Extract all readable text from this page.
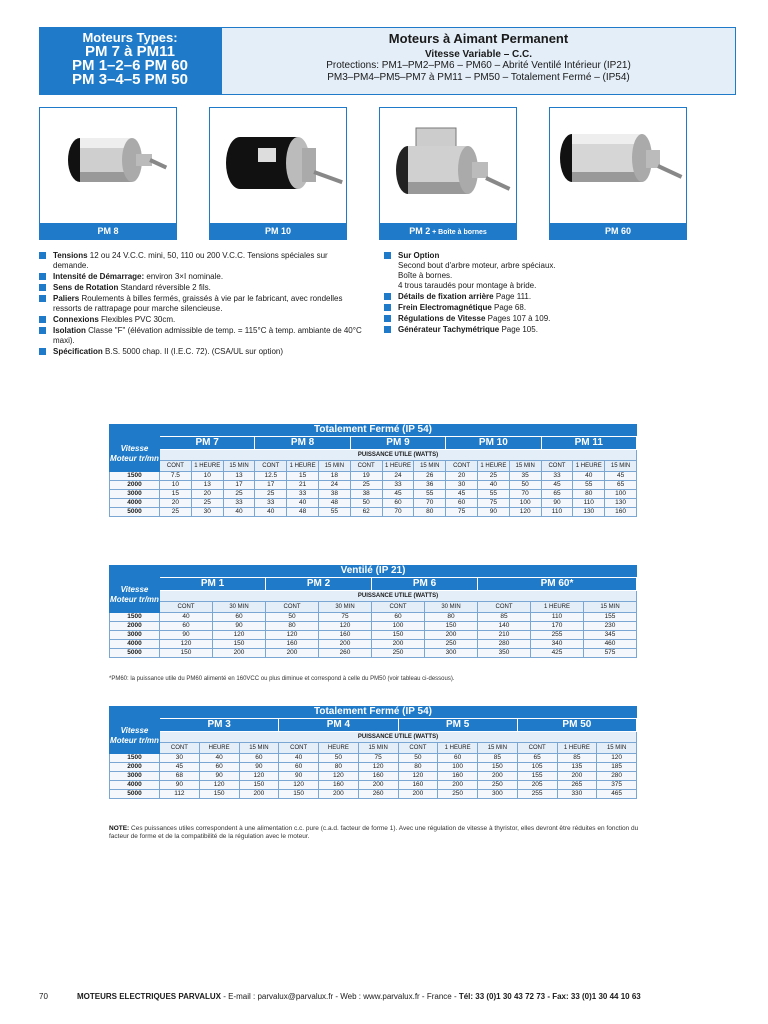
Moteurs Types:
PM 7 à PM11
PM 1–2–6 PM 60
PM 3–4–5 PM 50
Moteurs à Aimant Permanent
Vitesse Variable – C.C.
Protections: PM1–PM2–PM6 – PM60 – Abrité Ventilé Intérieur (IP21)
PM3–PM4–PM5–PM7 à PM11 – PM50 – Totalement Fermé – (IP54)
PM 8	PM 10	PM 2 + Boîte à bornes	PM 60
Tensions 12 ou 24 V.C.C. mini, 50, 110 ou 200 V.C.C. Tensions spéciales sur demande.
Intensité de Démarrage: environ 3×I nominale.
Sens de Rotation Standard réversible 2 fils.
Paliers Roulements à billes fermés, graissés à vie par le fabricant, avec rondelles ressorts de rattrapage pour marche silencieuse.
Connexions Flexibles PVC 30cm.
Isolation Classe "F" (élévation admissible de temp. = 115°C à temp. ambiante de 40°C maxi).
Spécification B.S. 5000 chap. II (I.E.C. 72). (CSA/UL sur option)
Sur Option
Second bout d'arbre moteur, arbre spéciaux.
Boîte à bornes.
4 trous taraudés pour montage à bride.
Détails de fixation arrière Page 111.
Frein Electromagnétique Page 68.
Régulations de Vitesse Pages 107 à 109.
Générateur Tachymétrique Page 105.
Totalement Fermé (IP 54)
Vitesse Moteur tr/mn	PM 7			PM 8			PM 9			PM 10			PM 11		
	PUISSANCE UTILE (WATTS)														
	CONT	1 HEURE	15 MIN	CONT	1 HEURE	15 MIN	CONT	1 HEURE	15 MIN	CONT	1 HEURE	15 MIN	CONT	1 HEURE	15 MIN
1500	7.5	10	13	12.5	15	18	19	24	26	20	25	35	33	40	45
2000	10	13	17	17	21	24	25	33	36	30	40	50	45	55	65
3000	15	20	25	25	33	38	38	45	55	45	55	70	65	80	100
4000	20	25	33	33	40	48	50	60	70	60	75	100	90	110	130
5000	25	30	40	40	48	55	62	70	80	75	90	120	110	130	160
Ventilé (IP 21)
Vitesse Moteur tr/mn	PM 1		PM 2		PM 6		PM 60*		
	PUISSANCE UTILE (WATTS)								
	CONT	30 MIN	CONT	30 MIN	CONT	30 MIN	CONT	1 HEURE	15 MIN
1500	40	60	50	75	60	80	85	110	155
2000	60	90	80	120	100	150	140	170	230
3000	90	120	120	160	150	200	210	255	345
4000	120	150	160	200	200	250	280	340	460
5000	150	200	200	260	250	300	350	425	575
*PM60: la puissance utile du PM60 alimenté en 160VCC ou plus diminue et correspond à celle du PM50 (voir tableau ci-dessous).
Totalement Fermé (IP 54)
Vitesse Moteur tr/mn	PM 3			PM 4			PM 5			PM 50		
	PUISSANCE UTILE (WATTS)											
	CONT	HEURE	15 MIN	CONT	HEURE	15 MIN	CONT	1 HEURE	15 MIN	CONT	1 HEURE	15 MIN
1500	30	40	60	40	50	75	50	60	85	65	85	120
2000	45	60	90	60	80	120	80	100	150	105	135	185
3000	68	90	120	90	120	160	120	160	200	155	200	280
4000	90	120	150	120	160	200	160	200	250	205	265	375
5000	112	150	200	150	200	260	200	250	300	255	330	465
NOTE: Ces puissances utiles correspondent à une alimentation c.c. pure (c.a.d. facteur de forme 1). Avec une régulation de vitesse à thyristor, elles devront être réduites en fonction du facteur de forme et de la compatibilité de la régulation avec le moteur.
70	MOTEURS ELECTRIQUES PARVALUX - E-mail : parvalux@parvalux.fr - Web : www.parvalux.fr - France - Tél: 33 (0)1 30 43 72 73 - Fax: 33 (0)1 30 44 10 63
